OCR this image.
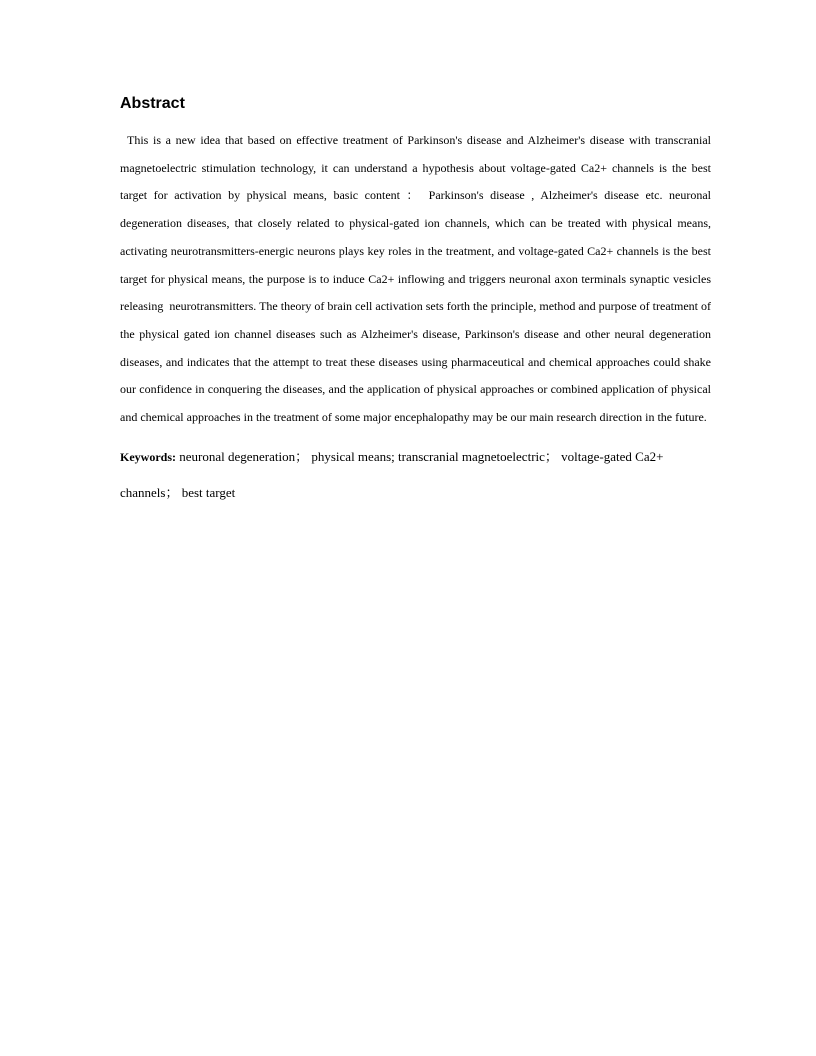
Abstract

This is a new idea that based on effective treatment of Parkinson's disease and Alzheimer's disease with transcranial magnetoelectric stimulation technology, it can understand a hypothesis about voltage-gated Ca2+ channels is the best target for activation by physical means, basic content ： Parkinson's disease , Alzheimer's disease etc. neuronal degeneration diseases, that closely related to physical-gated ion channels, which can be treated with physical means, activating neurotransmitters-energic neurons plays key roles in the treatment, and voltage-gated Ca2+ channels is the best target for physical means, the purpose is to induce Ca2+ inflowing and triggers neuronal axon terminals synaptic vesicles releasing  neurotransmitters. The theory of brain cell activation sets forth the principle, method and purpose of treatment of the physical gated ion channel diseases such as Alzheimer's disease, Parkinson's disease and other neural degeneration diseases, and indicates that the attempt to treat these diseases using pharmaceutical and chemical approaches could shake our confidence in conquering the diseases, and the application of physical approaches or combined application of physical and chemical approaches in the treatment of some major encephalopathy may be our main research direction in the future.

Keywords: neuronal degeneration； physical means; transcranial magnetoelectric； voltage-gated Ca2+ channels； best target
